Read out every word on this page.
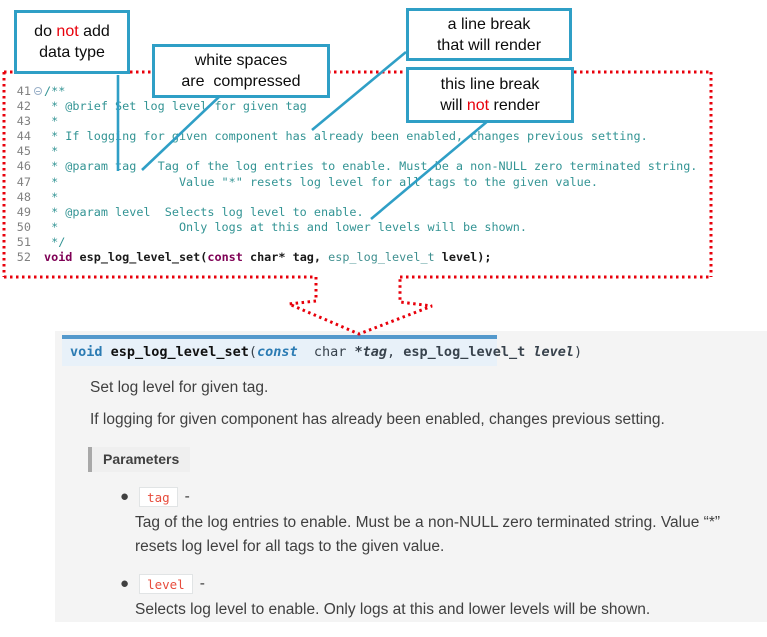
do not add
data type	white spaces
are  compressed
a line break
that will render
this line break
will not render
41 /**
42 * @brief Set log level for given tag
43 *
44 * If logging for given component has already been enabled, changes previous setting.
45 *
46 * @param tag   Tag of the log entries to enable. Must be a non-NULL zero terminated string.
47 *                 Value "*" resets log level for all tags to the given value.
48 *
49 * @param level  Selects log level to enable.
50 *                 Only logs at this and lower levels will be shown.
51 */
52 void esp_log_level_set(const char* tag, esp_log_level_t level);
void esp_log_level_set(const char *tag, esp_log_level_t level)
Set log level for given tag.
If logging for given component has already been enabled, changes previous setting.
Parameters
●	tag -
Tag of the log entries to enable. Must be a non-NULL zero terminated string. Value “*”
resets log level for all tags to the given value.
●	level -
Selects log level to enable. Only logs at this and lower levels will be shown.
